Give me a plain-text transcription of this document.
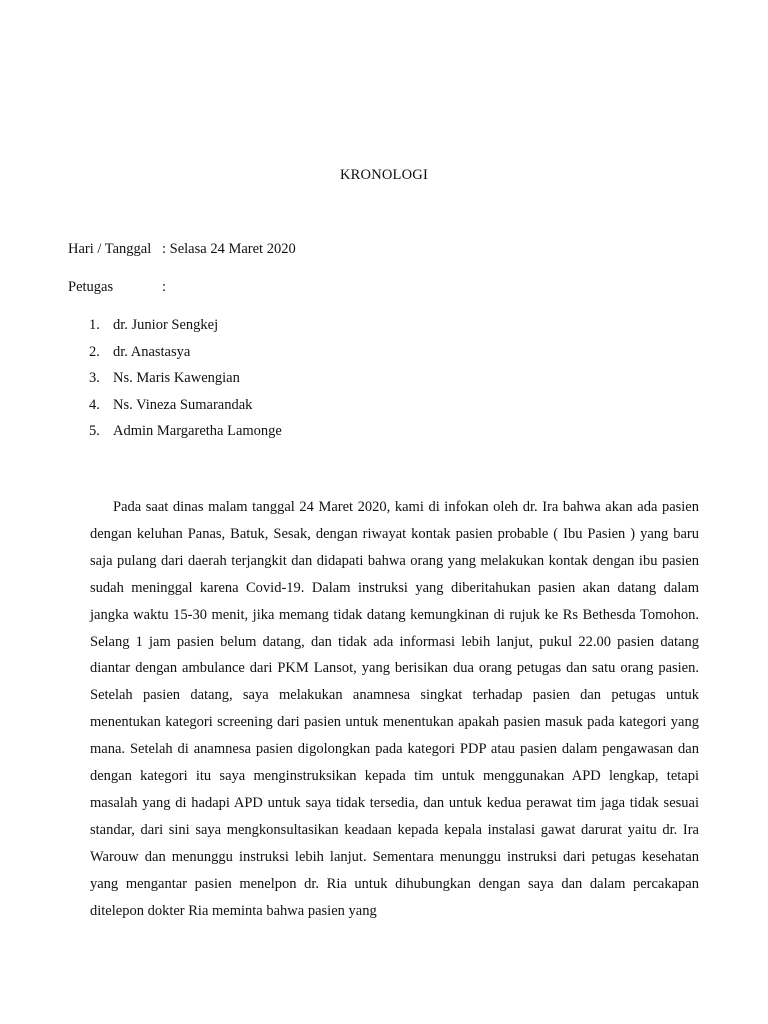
KRONOLOGI
Hari / Tanggal : Selasa 24 Maret 2020
Petugas	:
1. dr. Junior Sengkej
2. dr. Anastasya
3. Ns. Maris Kawengian
4. Ns. Vineza Sumarandak
5. Admin Margaretha Lamonge

Pada saat dinas malam tanggal 24 Maret 2020, kami di infokan oleh dr. Ira bahwa akan ada pasien dengan keluhan Panas, Batuk, Sesak, dengan riwayat kontak pasien probable ( Ibu Pasien ) yang baru saja pulang dari daerah terjangkit dan didapati bahwa orang yang melakukan kontak dengan ibu pasien sudah meninggal karena Covid-19. Dalam instruksi yang diberitahukan pasien akan datang dalam jangka waktu 15-30 menit, jika memang tidak datang kemungkinan di rujuk ke Rs Bethesda Tomohon. Selang 1 jam pasien belum datang, dan tidak ada informasi lebih lanjut, pukul 22.00 pasien datang diantar dengan ambulance dari PKM Lansot, yang berisikan dua orang petugas dan satu orang pasien. Setelah pasien datang, saya melakukan anamnesa singkat terhadap pasien dan petugas untuk menentukan kategori screening dari pasien untuk menentukan apakah pasien masuk pada kategori yang mana. Setelah di anamnesa pasien digolongkan pada kategori PDP atau pasien dalam pengawasan dan dengan kategori itu saya menginstruksikan kepada tim untuk menggunakan APD lengkap, tetapi masalah yang di hadapi APD untuk saya tidak tersedia, dan untuk kedua perawat tim jaga tidak sesuai standar, dari sini saya mengkonsultasikan keadaan kepada kepala instalasi gawat darurat yaitu dr. Ira Warouw dan menunggu instruksi lebih lanjut. Sementara menunggu instruksi dari petugas kesehatan yang mengantar pasien menelpon dr. Ria untuk dihubungkan dengan saya dan dalam percakapan ditelepon dokter Ria meminta bahwa pasien yang
